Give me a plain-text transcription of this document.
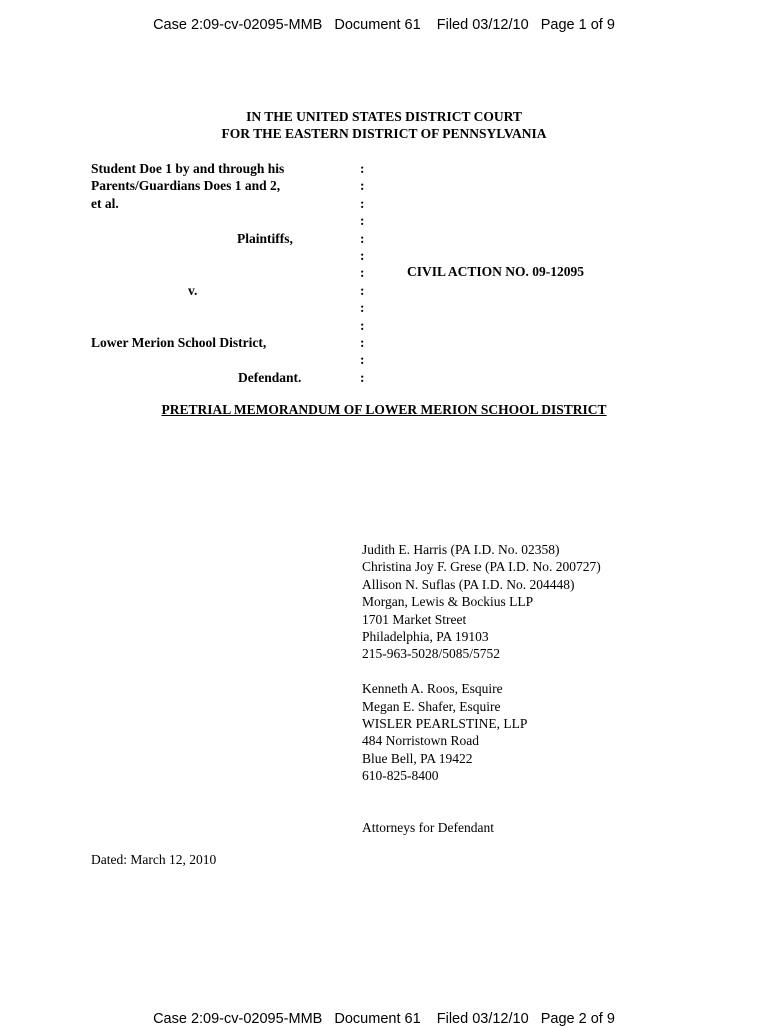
Case 2:09-cv-02095-MMB   Document 61    Filed 03/12/10   Page 1 of 9
IN THE UNITED STATES DISTRICT COURT
FOR THE EASTERN DISTRICT OF PENNSYLVANIA
Student Doe 1 by and through his
Parents/Guardians Does 1 and 2,
et al.
Plaintiffs,
v.
Lower Merion School District,
Defendant.
:
:
:
:
:
:
:
:
:
:
:
:
:
CIVIL ACTION NO. 09-12095
PRETRIAL MEMORANDUM OF LOWER MERION SCHOOL DISTRICT
Judith E. Harris (PA I.D. No. 02358)
Christina Joy F. Grese (PA I.D. No. 200727)
Allison N. Suflas (PA I.D. No. 204448)
Morgan, Lewis & Bockius LLP
1701 Market Street
Philadelphia, PA 19103
215-963-5028/5085/5752
Kenneth A. Roos, Esquire
Megan E. Shafer, Esquire
WISLER PEARLSTINE, LLP
484 Norristown Road
Blue Bell, PA 19422
610-825-8400
Attorneys for Defendant
Dated: March 12, 2010
Case 2:09-cv-02095-MMB   Document 61    Filed 03/12/10   Page 2 of 9
